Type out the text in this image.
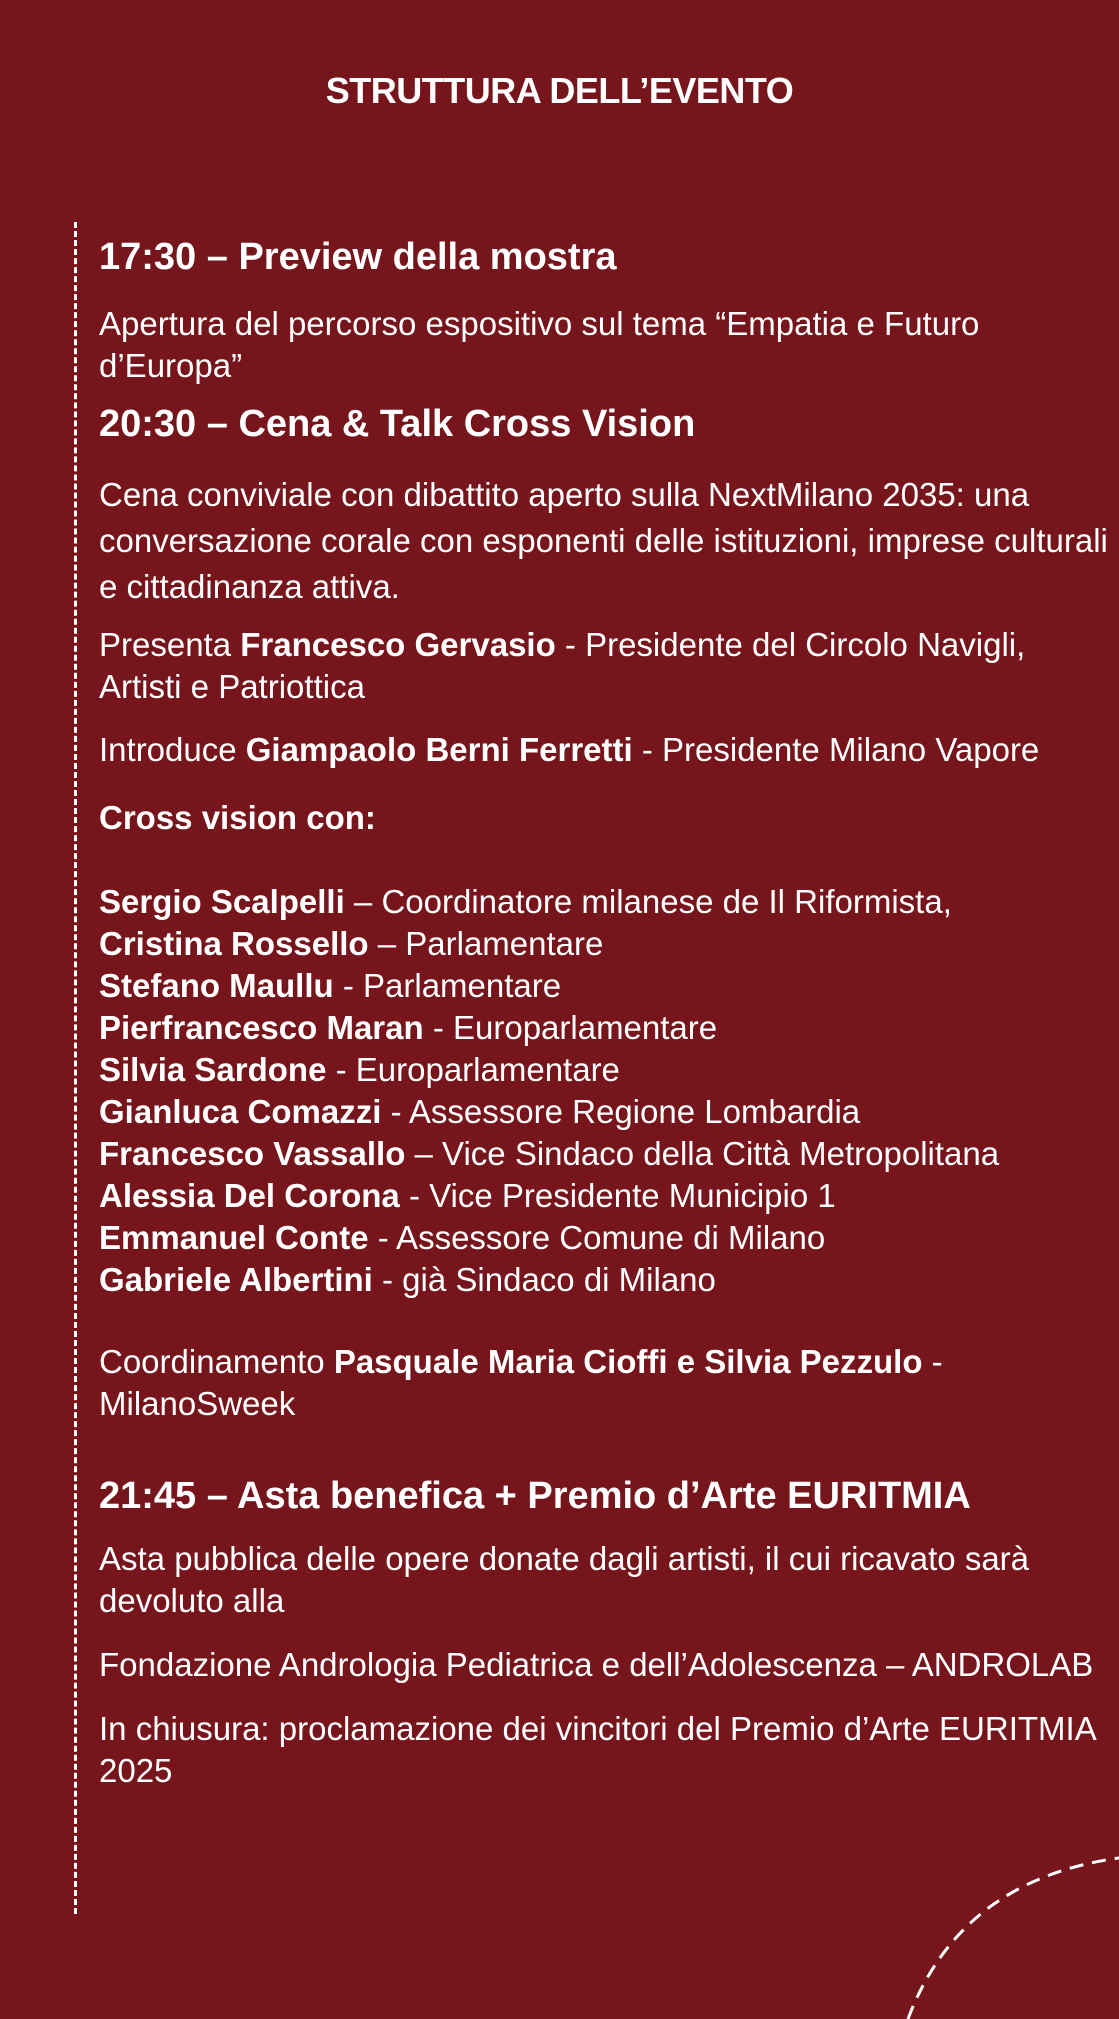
STRUTTURA DELL’EVENTO
17:30 – Preview della mostra

Apertura del percorso espositivo sul tema “Empatia e Futuro d’Europa”

20:30 – Cena & Talk Cross Vision

Cena conviviale con dibattito aperto sulla NextMilano 2035: una conversazione corale con esponenti delle istituzioni, imprese culturali e cittadinanza attiva.

Presenta Francesco Gervasio - Presidente del Circolo Navigli, Artisti e Patriottica

Introduce Giampaolo Berni Ferretti - Presidente Milano Vapore

Cross vision con:
Sergio Scalpelli – Coordinatore milanese de Il Riformista,
Cristina Rossello – Parlamentare
Stefano Maullu - Parlamentare
Pierfrancesco Maran - Europarlamentare
Silvia Sardone - Europarlamentare
Gianluca Comazzi - Assessore Regione Lombardia
Francesco Vassallo – Vice Sindaco della Città Metropolitana
Alessia Del Corona - Vice Presidente Municipio 1
Emmanuel Conte - Assessore Comune di Milano
Gabriele Albertini - già Sindaco di Milano

Coordinamento Pasquale Maria Cioffi e Silvia Pezzulo - MilanoSweek

21:45 – Asta benefica + Premio d’Arte EURITMIA

Asta pubblica delle opere donate dagli artisti, il cui ricavato sarà devoluto alla

Fondazione Andrologia Pediatrica e dell’Adolescenza – ANDROLAB

In chiusura: proclamazione dei vincitori del Premio d’Arte EURITMIA 2025
